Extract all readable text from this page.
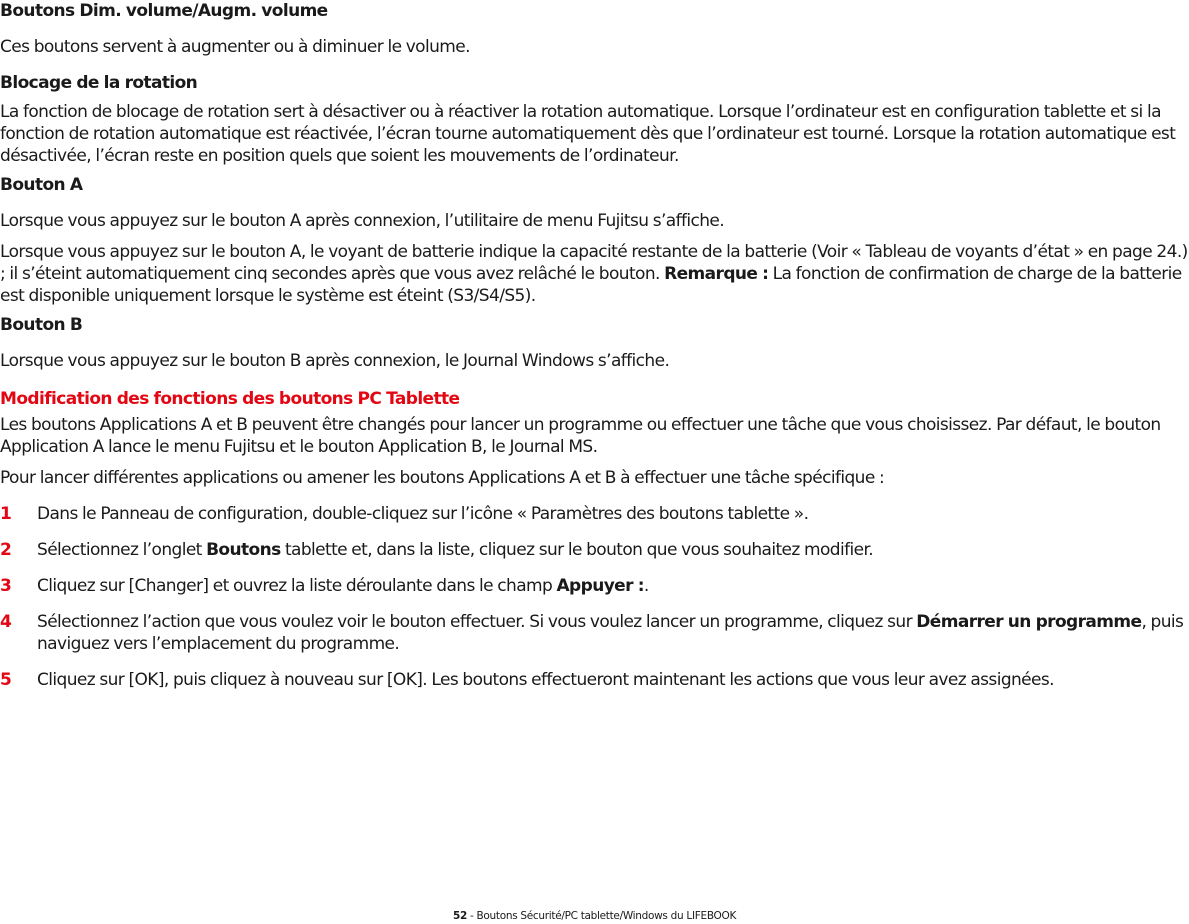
Boutons Dim. volume/Augm. volume

Ces boutons servent à augmenter ou à diminuer le volume.

Blocage de la rotation

La fonction de blocage de rotation sert à désactiver ou à réactiver la rotation automatique. Lorsque l’ordinateur est en configuration tablette et si la fonction de rotation automatique est réactivée, l’écran tourne automatiquement dès que l’ordinateur est tourné. Lorsque la rotation automatique est désactivée, l’écran reste en position quels que soient les mouvements de l’ordinateur.

Bouton A

Lorsque vous appuyez sur le bouton A après connexion, l’utilitaire de menu Fujitsu s’affiche.

Lorsque vous appuyez sur le bouton A, le voyant de batterie indique la capacité restante de la batterie (Voir « Tableau de voyants d’état » en page 24.) ; il s’éteint automatiquement cinq secondes après que vous avez relâché le bouton. Remarque : La fonction de confirmation de charge de la batterie est disponible uniquement lorsque le système est éteint (S3/S4/S5).

Bouton B

Lorsque vous appuyez sur le bouton B après connexion, le Journal Windows s’affiche.

Modification des fonctions des boutons PC Tablette

Les boutons Applications A et B peuvent être changés pour lancer un programme ou effectuer une tâche que vous choisissez. Par défaut, le bouton Application A lance le menu Fujitsu et le bouton Application B, le Journal MS.

Pour lancer différentes applications ou amener les boutons Applications A et B à effectuer une tâche spécifique :

1 Dans le Panneau de configuration, double-cliquez sur l’icône « Paramètres des boutons tablette ».
2 Sélectionnez l’onglet Boutons tablette et, dans la liste, cliquez sur le bouton que vous souhaitez modifier.
3 Cliquez sur [Changer] et ouvrez la liste déroulante dans le champ Appuyer :.
4 Sélectionnez l’action que vous voulez voir le bouton effectuer. Si vous voulez lancer un programme, cliquez sur Démarrer un programme, puis naviguez vers l’emplacement du programme.
5 Cliquez sur [OK], puis cliquez à nouveau sur [OK]. Les boutons effectueront maintenant les actions que vous leur avez assignées.
52 - Boutons Sécurité/PC tablette/Windows du LIFEBOOK
